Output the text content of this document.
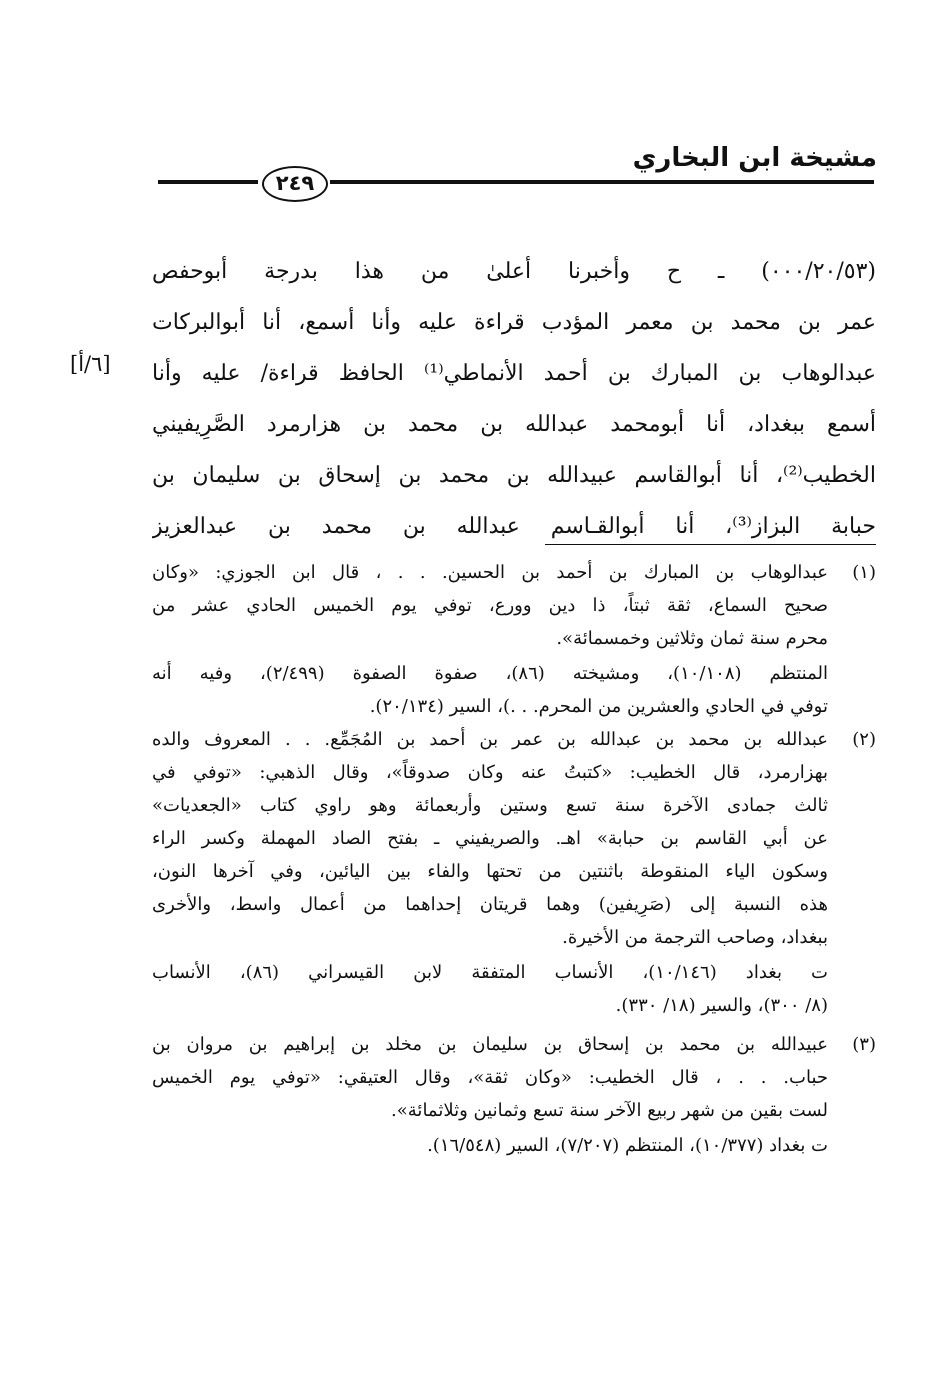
مشيخة ابن البخاري
٢٤٩
[٦/أ]
(٠٠٠/٢٠/٥٣) ـ ح وأخبرنا أعلىٰ من هذا بدرجة أبوحفص
عمر بن محمد بن معمر المؤدب قراءة عليه وأنا أسمع، أنا أبوالبركات
عبدالوهاب بن المبارك بن أحمد الأنماطي⁽¹⁾ الحافظ قراءة/ عليه وأنا
أسمع ببغداد، أنا أبومحمد عبدالله بن محمد بن هزارمرد الصَّرِيفيني
الخطيب⁽²⁾، أنا أبوالقاسم عبيدالله بن محمد بن إسحاق بن سليمان بن
حبابة البزاز⁽³⁾، أنا أبوالقـاسم عبدالله بن محمد بن عبدالعزيز
(١)
عبدالوهاب بن المبارك بن أحمد بن الحسين. . . ، قال ابن الجوزي: «وكان
صحيح السماع، ثقة ثبتاً، ذا دين وورع، توفي يوم الخميس الحادي عشر من
محرم سنة ثمان وثلاثين وخمسمائة».
المنتظم (١٠/١٠٨)، ومشيخته (٨٦)، صفوة الصفوة (٢/٤٩٩)، وفيه أنه
توفي في الحادي والعشرين من المحرم. . .)، السير (٢٠/١٣٤).
(٢)
عبدالله بن محمد بن عبدالله بن عمر بن أحمد بن المُجَمِّع. . . المعروف والده
بهزارمرد، قال الخطيب: «كتبتُ عنه وكان صدوقاً»، وقال الذهبي: «توفي في
ثالث جمادى الآخرة سنة تسع وستين وأربعمائة وهو راوي كتاب «الجعديات»
عن أبي القاسم بن حبابة» اهـ. والصريفيني ـ بفتح الصاد المهملة وكسر الراء
وسكون الياء المنقوطة باثنتين من تحتها والفاء بين اليائين، وفي آخرها النون،
هذه النسبة إلى (صَرِيفين) وهما قريتان إحداهما من أعمال واسط، والأخرى
ببغداد، وصاحب الترجمة من الأخيرة.
ت بغداد (١٠/١٤٦)، الأنساب المتفقة لابن القيسراني (٨٦)، الأنساب
(٨/ ٣٠٠)، والسير (١٨/ ٣٣٠).
(٣)
عبيدالله بن محمد بن إسحاق بن سليمان بن مخلد بن إبراهيم بن مروان بن
حباب. . . ، قال الخطيب: «وكان ثقة»، وقال العتيقي: «توفي يوم الخميس
لست بقين من شهر ربيع الآخر سنة تسع وثمانين وثلاثمائة».
ت بغداد (١٠/٣٧٧)، المنتظم (٧/٢٠٧)، السير (١٦/٥٤٨).
